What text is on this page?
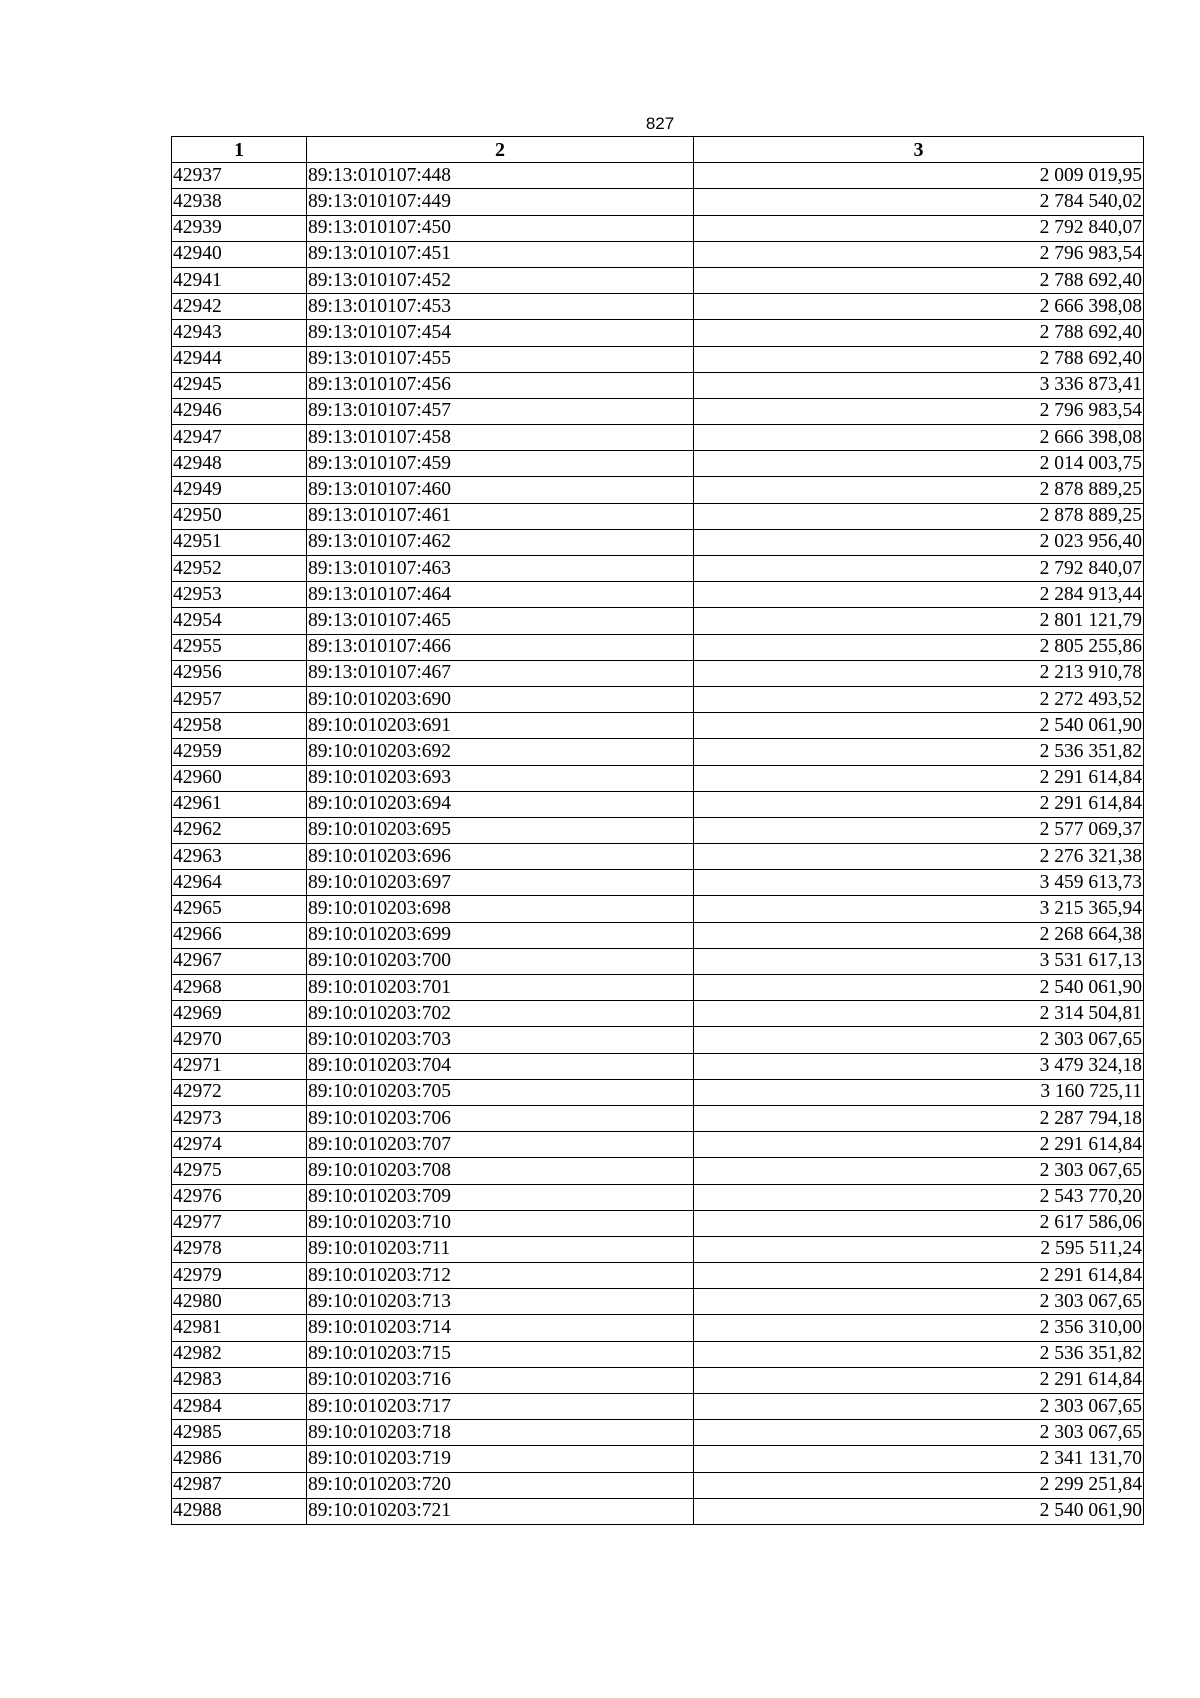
827
1	2	3
42937	89:13:010107:448	2 009 019,95
42938	89:13:010107:449	2 784 540,02
42939	89:13:010107:450	2 792 840,07
42940	89:13:010107:451	2 796 983,54
42941	89:13:010107:452	2 788 692,40
42942	89:13:010107:453	2 666 398,08
42943	89:13:010107:454	2 788 692,40
42944	89:13:010107:455	2 788 692,40
42945	89:13:010107:456	3 336 873,41
42946	89:13:010107:457	2 796 983,54
42947	89:13:010107:458	2 666 398,08
42948	89:13:010107:459	2 014 003,75
42949	89:13:010107:460	2 878 889,25
42950	89:13:010107:461	2 878 889,25
42951	89:13:010107:462	2 023 956,40
42952	89:13:010107:463	2 792 840,07
42953	89:13:010107:464	2 284 913,44
42954	89:13:010107:465	2 801 121,79
42955	89:13:010107:466	2 805 255,86
42956	89:13:010107:467	2 213 910,78
42957	89:10:010203:690	2 272 493,52
42958	89:10:010203:691	2 540 061,90
42959	89:10:010203:692	2 536 351,82
42960	89:10:010203:693	2 291 614,84
42961	89:10:010203:694	2 291 614,84
42962	89:10:010203:695	2 577 069,37
42963	89:10:010203:696	2 276 321,38
42964	89:10:010203:697	3 459 613,73
42965	89:10:010203:698	3 215 365,94
42966	89:10:010203:699	2 268 664,38
42967	89:10:010203:700	3 531 617,13
42968	89:10:010203:701	2 540 061,90
42969	89:10:010203:702	2 314 504,81
42970	89:10:010203:703	2 303 067,65
42971	89:10:010203:704	3 479 324,18
42972	89:10:010203:705	3 160 725,11
42973	89:10:010203:706	2 287 794,18
42974	89:10:010203:707	2 291 614,84
42975	89:10:010203:708	2 303 067,65
42976	89:10:010203:709	2 543 770,20
42977	89:10:010203:710	2 617 586,06
42978	89:10:010203:711	2 595 511,24
42979	89:10:010203:712	2 291 614,84
42980	89:10:010203:713	2 303 067,65
42981	89:10:010203:714	2 356 310,00
42982	89:10:010203:715	2 536 351,82
42983	89:10:010203:716	2 291 614,84
42984	89:10:010203:717	2 303 067,65
42985	89:10:010203:718	2 303 067,65
42986	89:10:010203:719	2 341 131,70
42987	89:10:010203:720	2 299 251,84
42988	89:10:010203:721	2 540 061,90
